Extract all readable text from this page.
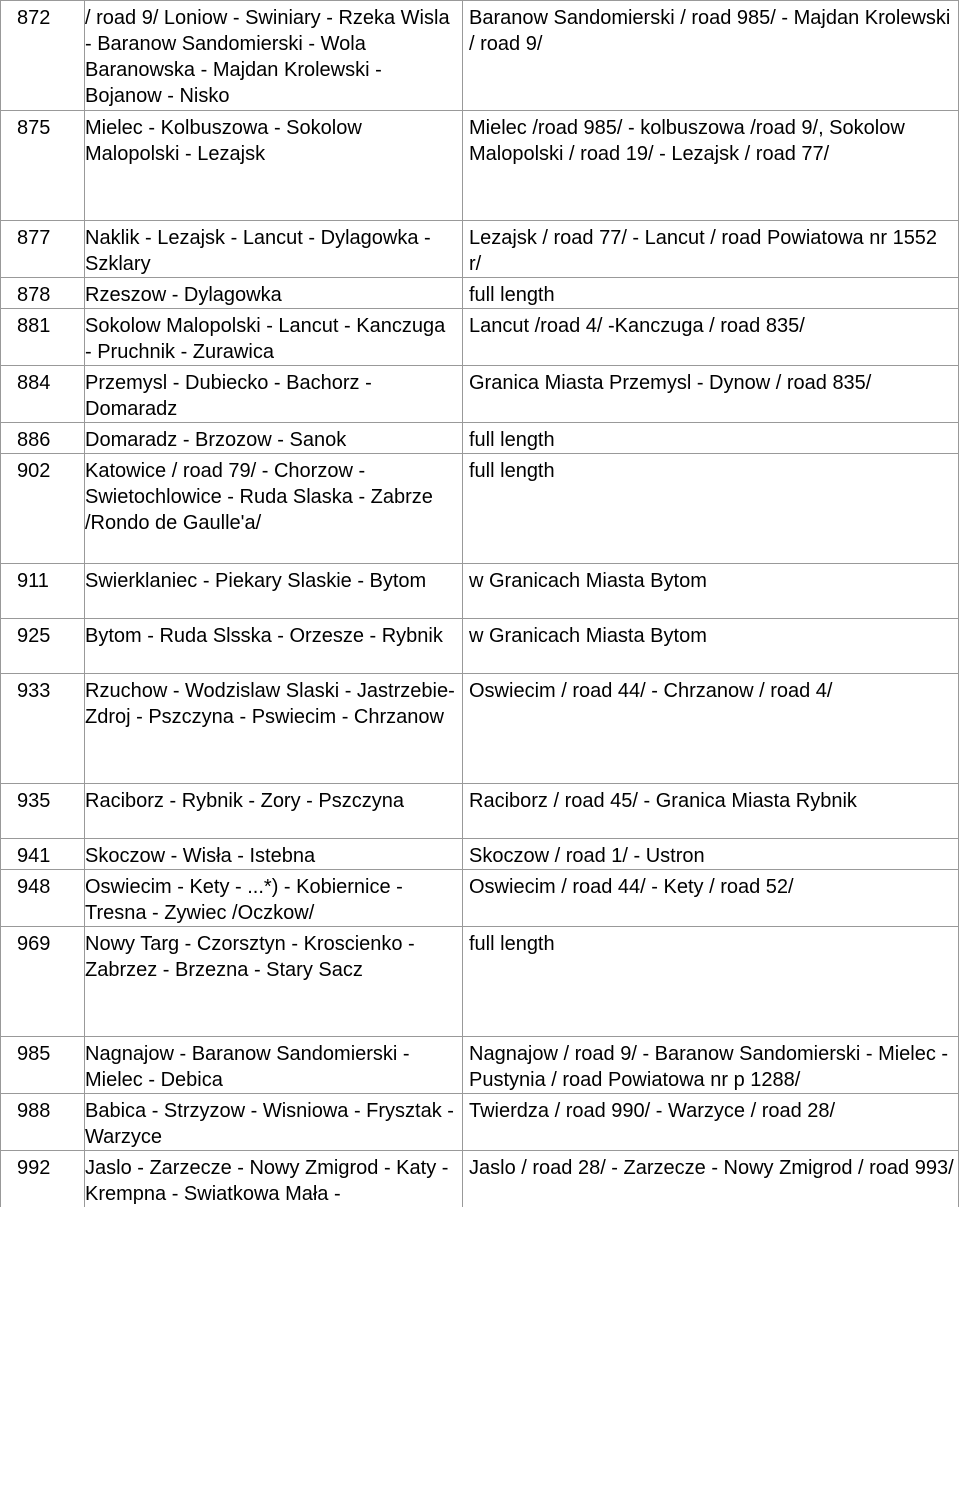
872	/ road 9/ Loniow - Swiniary - Rzeka Wisla - Baranow Sandomierski - Wola Baranowska - Majdan Krolewski - Bojanow - Nisko	Baranow Sandomierski / road 985/ - Majdan Krolewski / road 9/

875	Mielec - Kolbuszowa - Sokolow Malopolski - Lezajsk	Mielec /road 985/ - kolbuszowa /road 9/, Sokolow Malopolski / road 19/ - Lezajsk / road 77/

877	Naklik - Lezajsk - Lancut - Dylagowka - Szklary	Lezajsk / road 77/ - Lancut / road Powiatowa nr 1552 r/

878	Rzeszow - Dylagowka	full length

881	Sokolow Malopolski - Lancut - Kanczuga - Pruchnik - Zurawica	Lancut /road 4/ -Kanczuga / road 835/

884	Przemysl - Dubiecko - Bachorz - Domaradz	Granica Miasta Przemysl - Dynow / road 835/

886	Domaradz - Brzozow - Sanok	full length

902	Katowice / road 79/ - Chorzow - Swietochlowice - Ruda Slaska - Zabrze /Rondo de Gaulle'a/	full length

911	Swierklaniec - Piekary Slaskie - Bytom	w Granicach Miasta Bytom

925	Bytom - Ruda Slsska - Orzesze - Rybnik	w Granicach Miasta Bytom

933	Rzuchow - Wodzislaw Slaski - Jastrzebie-Zdroj - Pszczyna - Pswiecim - Chrzanow	Oswiecim / road 44/ - Chrzanow / road 4/

935	Raciborz - Rybnik - Zory - Pszczyna	Raciborz / road 45/ - Granica Miasta Rybnik

941	Skoczow - Wisła - Istebna	Skoczow / road 1/ - Ustron

948	Oswiecim - Kety - ...*) - Kobiernice - Tresna - Zywiec /Oczkow/	Oswiecim / road 44/ - Kety / road 52/

969	Nowy Targ - Czorsztyn - Kroscienko - Zabrzez - Brzezna - Stary Sacz	full length

985	Nagnajow - Baranow Sandomierski - Mielec - Debica	Nagnajow / road 9/ - Baranow Sandomierski - Mielec - Pustynia / road Powiatowa nr p 1288/

988	Babica - Strzyzow - Wisniowa - Frysztak - Warzyce	Twierdza / road 990/ - Warzyce / road 28/

992	Jaslo - Zarzecze - Nowy Zmigrod - Katy - Krempna - Swiatkowa Mała -	Jaslo / road 28/ - Zarzecze - Nowy Zmigrod / road 993/
